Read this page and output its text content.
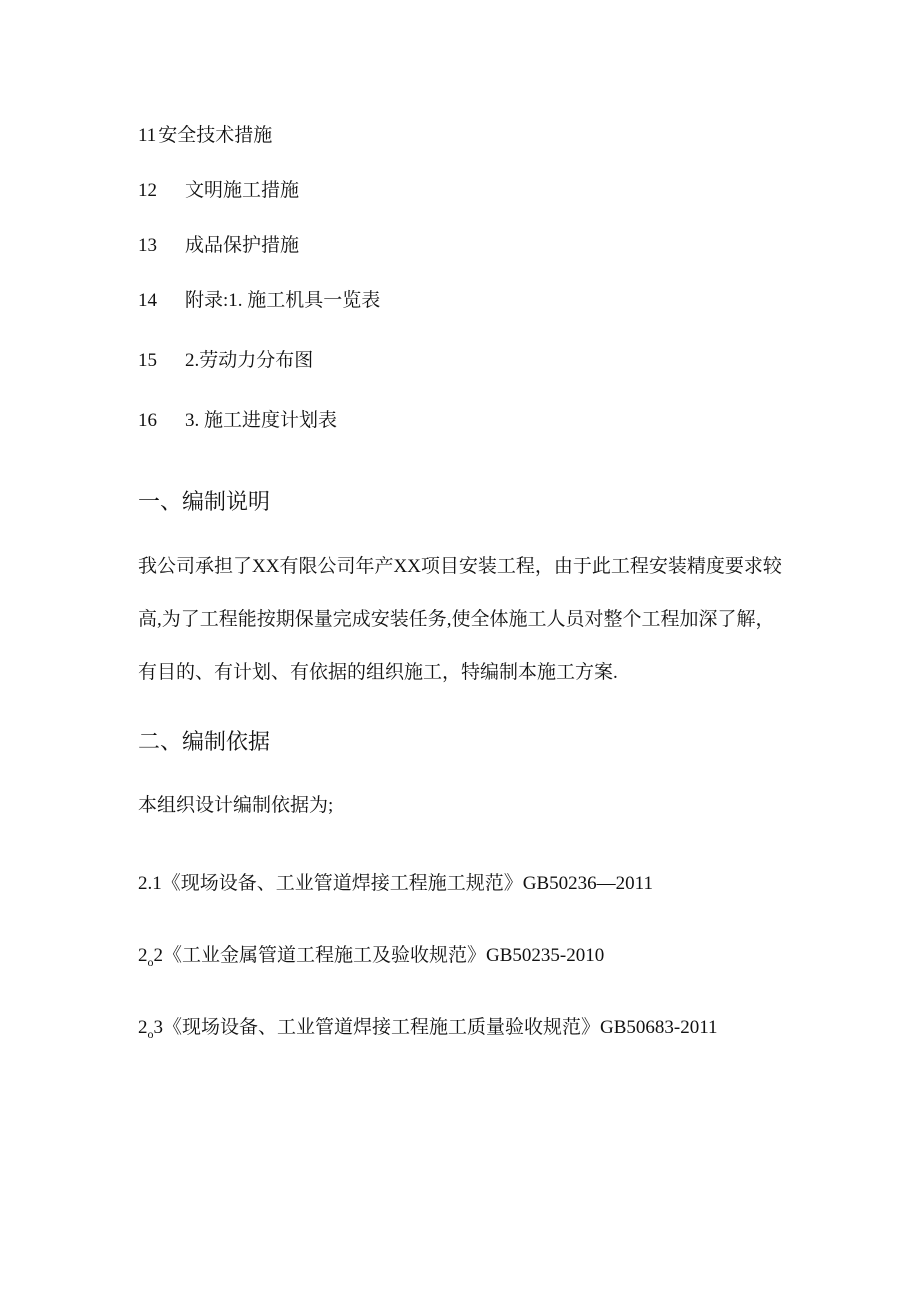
11 安全技术措施
12 文明施工措施
13 成品保护措施
14 附录:1. 施工机具一览表
15 2.劳动力分布图
16 3. 施工进度计划表
一、编制说明
我公司承担了XX有限公司年产XX项目安装工程，由于此工程安装精度要求较高,为了工程能按期保量完成安装任务,使全体施工人员对整个工程加深了解，有目的、有计划、有依据的组织施工，特编制本施工方案.
二、编制依据
本组织设计编制依据为;
2.1《现场设备、工业管道焊接工程施工规范》GB50236—2011
$2_o2$《工业金属管道工程施工及验收规范》GB50235-2010
$2_o3$《现场设备、工业管道焊接工程施工质量验收规范》GB50683-2011
